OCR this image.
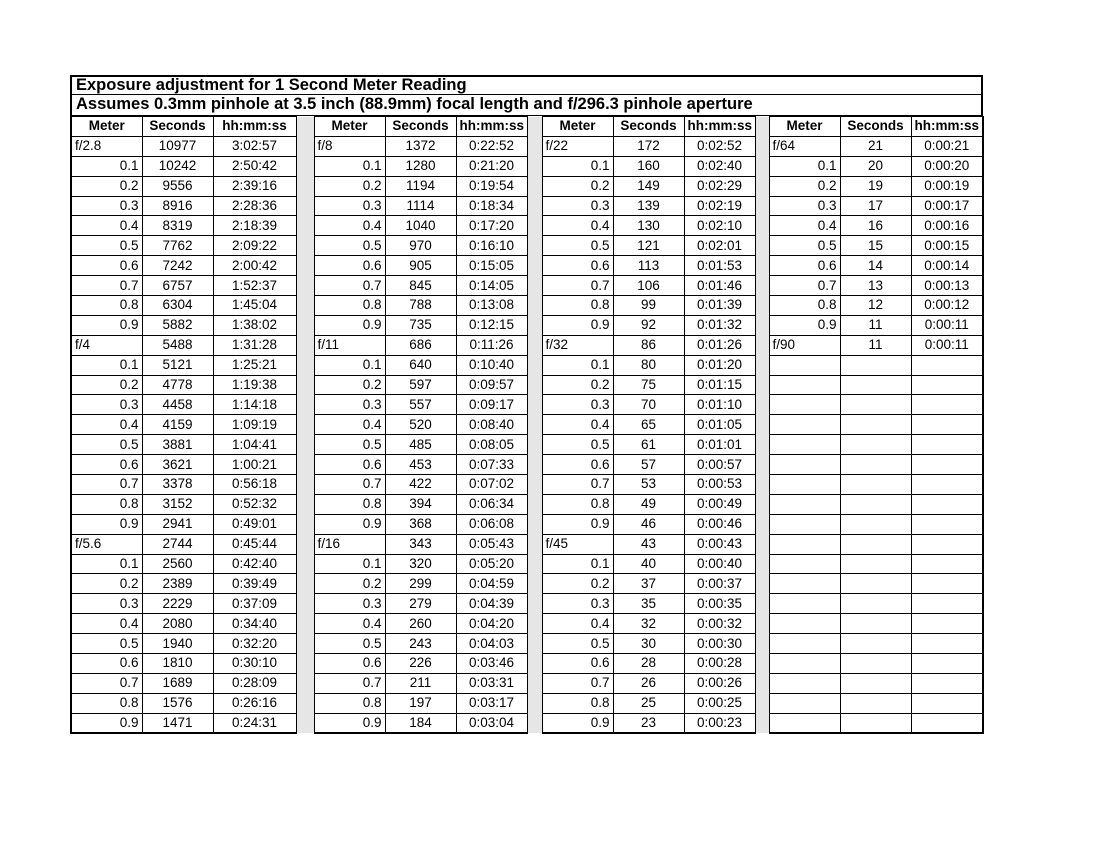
Exposure adjustment for 1 Second Meter Reading
Assumes 0.3mm pinhole at 3.5 inch (88.9mm) focal length and f/296.3 pinhole aperture
Meter	Seconds	hh:mm:ss		Meter	Seconds	hh:mm:ss		Meter	Seconds	hh:mm:ss		Meter	Seconds	hh:mm:ss
f/2.8	10977	3:02:57		f/8	1372	0:22:52		f/22	172	0:02:52		f/64	21	0:00:21
0.1	10242	2:50:42		0.1	1280	0:21:20		0.1	160	0:02:40		0.1	20	0:00:20
0.2	9556	2:39:16		0.2	1194	0:19:54		0.2	149	0:02:29		0.2	19	0:00:19
0.3	8916	2:28:36		0.3	1114	0:18:34		0.3	139	0:02:19		0.3	17	0:00:17
0.4	8319	2:18:39		0.4	1040	0:17:20		0.4	130	0:02:10		0.4	16	0:00:16
0.5	7762	2:09:22		0.5	970	0:16:10		0.5	121	0:02:01		0.5	15	0:00:15
0.6	7242	2:00:42		0.6	905	0:15:05		0.6	113	0:01:53		0.6	14	0:00:14
0.7	6757	1:52:37		0.7	845	0:14:05		0.7	106	0:01:46		0.7	13	0:00:13
0.8	6304	1:45:04		0.8	788	0:13:08		0.8	99	0:01:39		0.8	12	0:00:12
0.9	5882	1:38:02		0.9	735	0:12:15		0.9	92	0:01:32		0.9	11	0:00:11
f/4	5488	1:31:28		f/11	686	0:11:26		f/32	86	0:01:26		f/90	11	0:00:11
0.1	5121	1:25:21		0.1	640	0:10:40		0.1	80	0:01:20				
0.2	4778	1:19:38		0.2	597	0:09:57		0.2	75	0:01:15				
0.3	4458	1:14:18		0.3	557	0:09:17		0.3	70	0:01:10				
0.4	4159	1:09:19		0.4	520	0:08:40		0.4	65	0:01:05				
0.5	3881	1:04:41		0.5	485	0:08:05		0.5	61	0:01:01				
0.6	3621	1:00:21		0.6	453	0:07:33		0.6	57	0:00:57				
0.7	3378	0:56:18		0.7	422	0:07:02		0.7	53	0:00:53				
0.8	3152	0:52:32		0.8	394	0:06:34		0.8	49	0:00:49				
0.9	2941	0:49:01		0.9	368	0:06:08		0.9	46	0:00:46				
f/5.6	2744	0:45:44		f/16	343	0:05:43		f/45	43	0:00:43				
0.1	2560	0:42:40		0.1	320	0:05:20		0.1	40	0:00:40				
0.2	2389	0:39:49		0.2	299	0:04:59		0.2	37	0:00:37				
0.3	2229	0:37:09		0.3	279	0:04:39		0.3	35	0:00:35				
0.4	2080	0:34:40		0.4	260	0:04:20		0.4	32	0:00:32				
0.5	1940	0:32:20		0.5	243	0:04:03		0.5	30	0:00:30				
0.6	1810	0:30:10		0.6	226	0:03:46		0.6	28	0:00:28				
0.7	1689	0:28:09		0.7	211	0:03:31		0.7	26	0:00:26				
0.8	1576	0:26:16		0.8	197	0:03:17		0.8	25	0:00:25				
0.9	1471	0:24:31		0.9	184	0:03:04		0.9	23	0:00:23				
